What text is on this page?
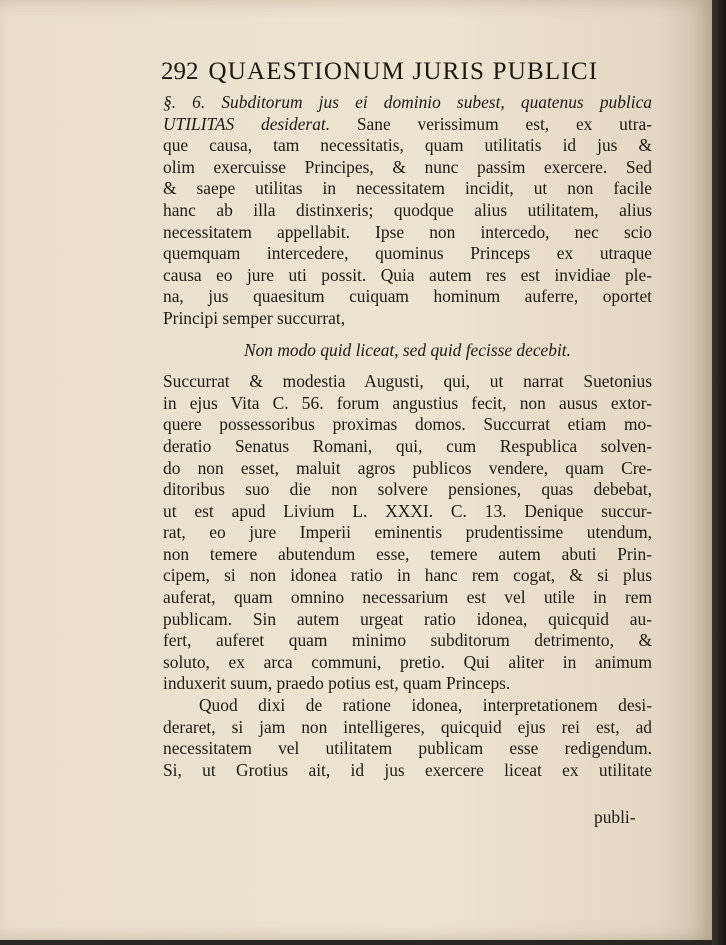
292 QUAESTIONUM JURIS PUBLICI
§. 6. Subditorum jus ei dominio subest, quatenus publica
UTILITAS desiderat. Sane verissimum est, ex utra-
que causa, tam necessitatis, quam utilitatis id jus &
olim exercuisse Principes, & nunc passim exercere. Sed
& saepe utilitas in necessitatem incidit, ut non facile
hanc ab illa distinxeris; quodque alius utilitatem, alius
necessitatem appellabit. Ipse non intercedo, nec scio
quemquam intercedere, quominus Princeps ex utraque
causa eo jure uti possit. Quia autem res est invidiae ple-
na, jus quaesitum cuiquam hominum auferre, oportet
Principi semper succurrat,
Non modo quid liceat, sed quid fecisse decebit.
Succurrat & modestia Augusti, qui, ut narrat Suetonius
in ejus Vita C. 56. forum angustius fecit, non ausus extor-
quere possessoribus proximas domos. Succurrat etiam mo-
deratio Senatus Romani, qui, cum Respublica solven-
do non esset, maluit agros publicos vendere, quam Cre-
ditoribus suo die non solvere pensiones, quas debebat,
ut est apud Livium L. XXXI. C. 13. Denique succur-
rat, eo jure Imperii eminentis prudentissime utendum,
non temere abutendum esse, temere autem abuti Prin-
cipem, si non idonea ratio in hanc rem cogat, & si plus
auferat, quam omnino necessarium est vel utile in rem
publicam. Sin autem urgeat ratio idonea, quicquid au-
fert, auferet quam minimo subditorum detrimento, &
soluto, ex arca communi, pretio. Qui aliter in animum
induxerit suum, praedo potius est, quam Princeps.
Quod dixi de ratione idonea, interpretationem desi-
deraret, si jam non intelligeres, quicquid ejus rei est, ad
necessitatem vel utilitatem publicam esse redigendum.
Si, ut Grotius ait, id jus exercere liceat ex utilitate
publi-
